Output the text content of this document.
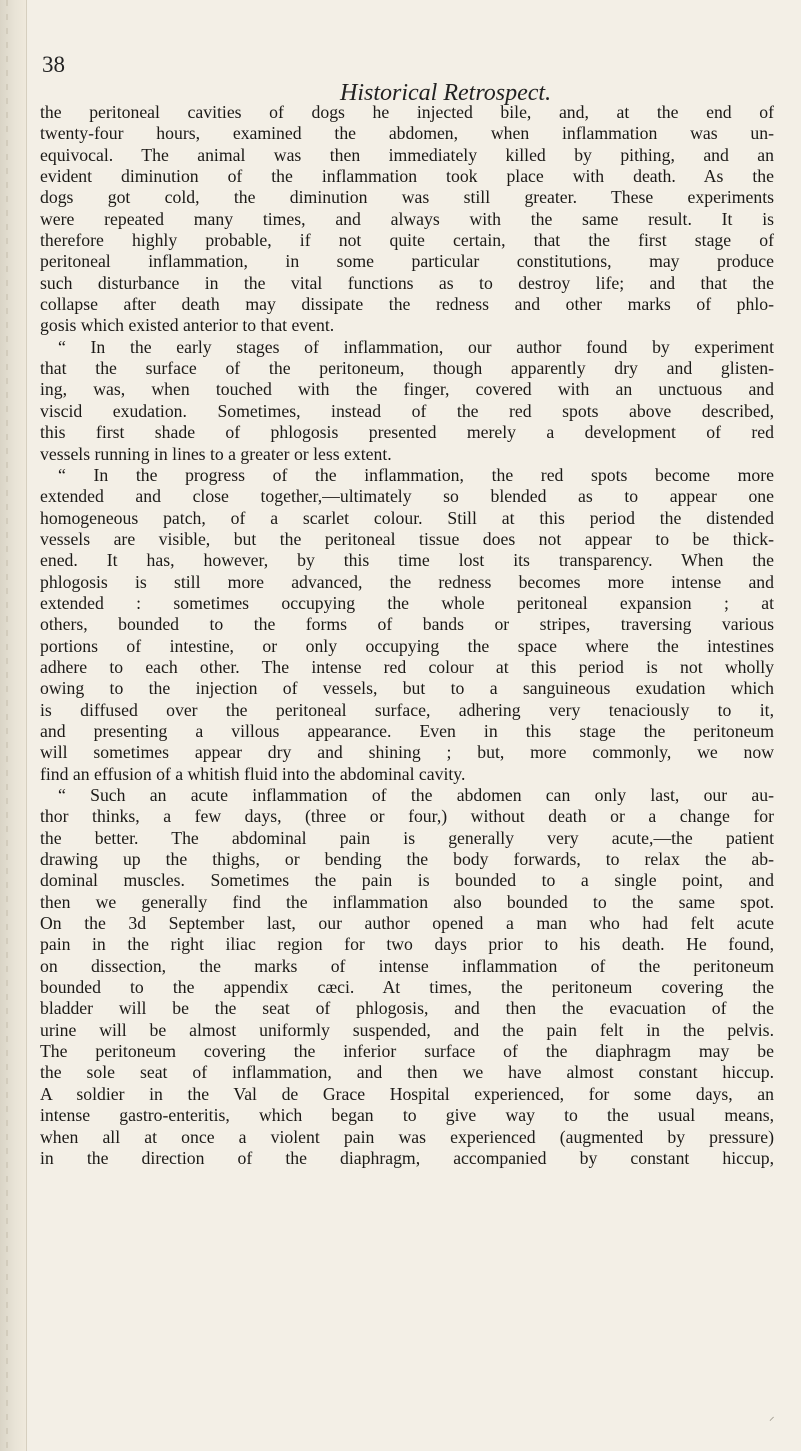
38
Historical Retrospect.
the peritoneal cavities of dogs he injected bile, and, at the end of
twenty-four hours, examined the abdomen, when inflammation was un-
equivocal. The animal was then immediately killed by pithing, and an
evident diminution of the inflammation took place with death. As the
dogs got cold, the diminution was still greater. These experiments
were repeated many times, and always with the same result. It is
therefore highly probable, if not quite certain, that the first stage of
peritoneal inflammation, in some particular constitutions, may produce
such disturbance in the vital functions as to destroy life; and that the
collapse after death may dissipate the redness and other marks of phlo-
gosis which existed anterior to that event.
“ In the early stages of inflammation, our author found by experiment
that the surface of the peritoneum, though apparently dry and glisten-
ing, was, when touched with the finger, covered with an unctuous and
viscid exudation. Sometimes, instead of the red spots above described,
this first shade of phlogosis presented merely a development of red
vessels running in lines to a greater or less extent.
“ In the progress of the inflammation, the red spots become more
extended and close together,—ultimately so blended as to appear one
homogeneous patch, of a scarlet colour. Still at this period the distended
vessels are visible, but the peritoneal tissue does not appear to be thick-
ened. It has, however, by this time lost its transparency. When the
phlogosis is still more advanced, the redness becomes more intense and
extended : sometimes occupying the whole peritoneal expansion ; at
others, bounded to the forms of bands or stripes, traversing various
portions of intestine, or only occupying the space where the intestines
adhere to each other. The intense red colour at this period is not wholly
owing to the injection of vessels, but to a sanguineous exudation which
is diffused over the peritoneal surface, adhering very tenaciously to it,
and presenting a villous appearance. Even in this stage the peritoneum
will sometimes appear dry and shining ; but, more commonly, we now
find an effusion of a whitish fluid into the abdominal cavity.
“ Such an acute inflammation of the abdomen can only last, our au-
thor thinks, a few days, (three or four,) without death or a change for
the better. The abdominal pain is generally very acute,—the patient
drawing up the thighs, or bending the body forwards, to relax the ab-
dominal muscles. Sometimes the pain is bounded to a single point, and
then we generally find the inflammation also bounded to the same spot.
On the 3d September last, our author opened a man who had felt acute
pain in the right iliac region for two days prior to his death. He found,
on dissection, the marks of intense inflammation of the peritoneum
bounded to the appendix cæci. At times, the peritoneum covering the
bladder will be the seat of phlogosis, and then the evacuation of the
urine will be almost uniformly suspended, and the pain felt in the pelvis.
The peritoneum covering the inferior surface of the diaphragm may be
the sole seat of inflammation, and then we have almost constant hiccup.
A soldier in the Val de Grace Hospital experienced, for some days, an
intense gastro-enteritis, which began to give way to the usual means,
when all at once a violent pain was experienced (augmented by pressure)
in the direction of the diaphragm, accompanied by constant hiccup,
⸝
